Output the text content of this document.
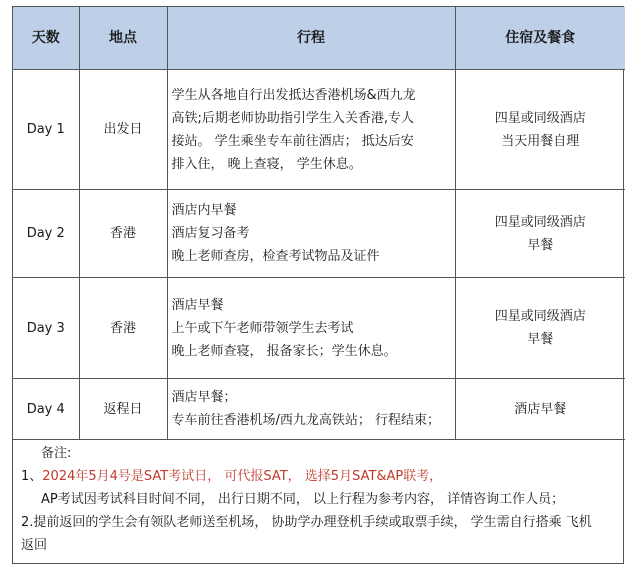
天数	地点	行程	住宿及餐食
Day 1	出发日	学生从各地自行出发抵达香港机场&西九龙
高铁;后期老师协助指引学生入关香港,专人
接站。 学生乘坐专车前往酒店； 抵达后安
排入住， 晚上查寝， 学生休息。	四星或同级酒店
当天用餐自理

Day 2	香港	酒店内早餐
酒店复习备考
晚上老师查房，检查考试物品及证件	四星或同级酒店
早餐

Day 3	香港	酒店早餐
上午或下午老师带领学生去考试
晚上老师查寝， 报备家长；学生休息。	四星或同级酒店
早餐

Day 4	返程日	酒店早餐；
专车前往香港机场/西九龙高铁站； 行程结束；	酒店早餐
备注:
1、2024年5月4号是SAT考试日， 可代报SAT， 选择5月SAT&AP联考，
AP考试因考试科目时间不同， 出行日期不同， 以上行程为参考内容， 详情咨询工作人员；
2.提前返回的学生会有领队老师送至机场， 协助学办理登机手续或取票手续， 学生需自行搭乘 飞机
返回
